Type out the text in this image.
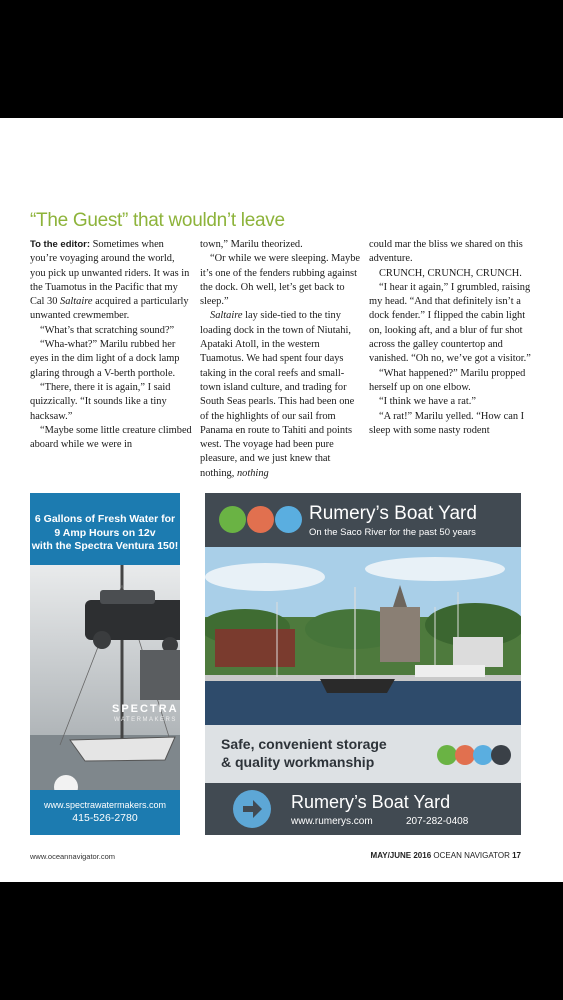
“The Guest” that wouldn’t leave

To the editor: Sometimes when you’re voyaging around the world, you pick up unwanted riders. It was in the Tuamotus in the Pacific that my Cal 30 Saltaire acquired a particularly unwanted crewmember.

“What’s that scratching sound?”

“Wha-what?” Marilu rubbed her eyes in the dim light of a dock lamp glaring through a V-berth porthole.

“There, there it is again,” I said quizzically. “It sounds like a tiny hacksaw.”

“Maybe some little creature climbed aboard while we were in

town,” Marilu theorized.

“Or while we were sleeping. Maybe it’s one of the fenders rubbing against the dock. Oh well, let’s get back to sleep.”

Saltaire lay side-tied to the tiny loading dock in the town of Niutahi, Apataki Atoll, in the western Tuamotus. We had spent four days taking in the coral reefs and small-town island culture, and trading for South Seas pearls. This had been one of the highlights of our sail from Panama en route to Tahiti and points west. The voyage had been pure pleasure, and we just knew that nothing, nothing

could mar the bliss we shared on this adventure.

CRUNCH, CRUNCH, CRUNCH.

“I hear it again,” I grumbled, raising my head. “And that definitely isn’t a dock fender.” I flipped the cabin light on, looking aft, and a blur of fur shot across the galley countertop and vanished. “Oh no, we’ve got a visitor.”

“What happened?” Marilu propped herself up on one elbow.

“I think we have a rat.”

“A rat!” Marilu yelled. “How can I sleep with some nasty rodent

6 Gallons of Fresh Water for
9 Amp Hours on 12v
with the Spectra Ventura 150!
SPECTRA
WATERMAKERS
www.spectrawatermakers.com
415-526-2780
Rumery’s Boat Yard
On the Saco River for the past 50 years
Safe, convenient storage
& quality workmanship
Rumery’s Boat Yard
www.rumerys.com	207-282-0408
www.oceannavigator.com	MAY/JUNE 2016 OCEAN NAVIGATOR 17
